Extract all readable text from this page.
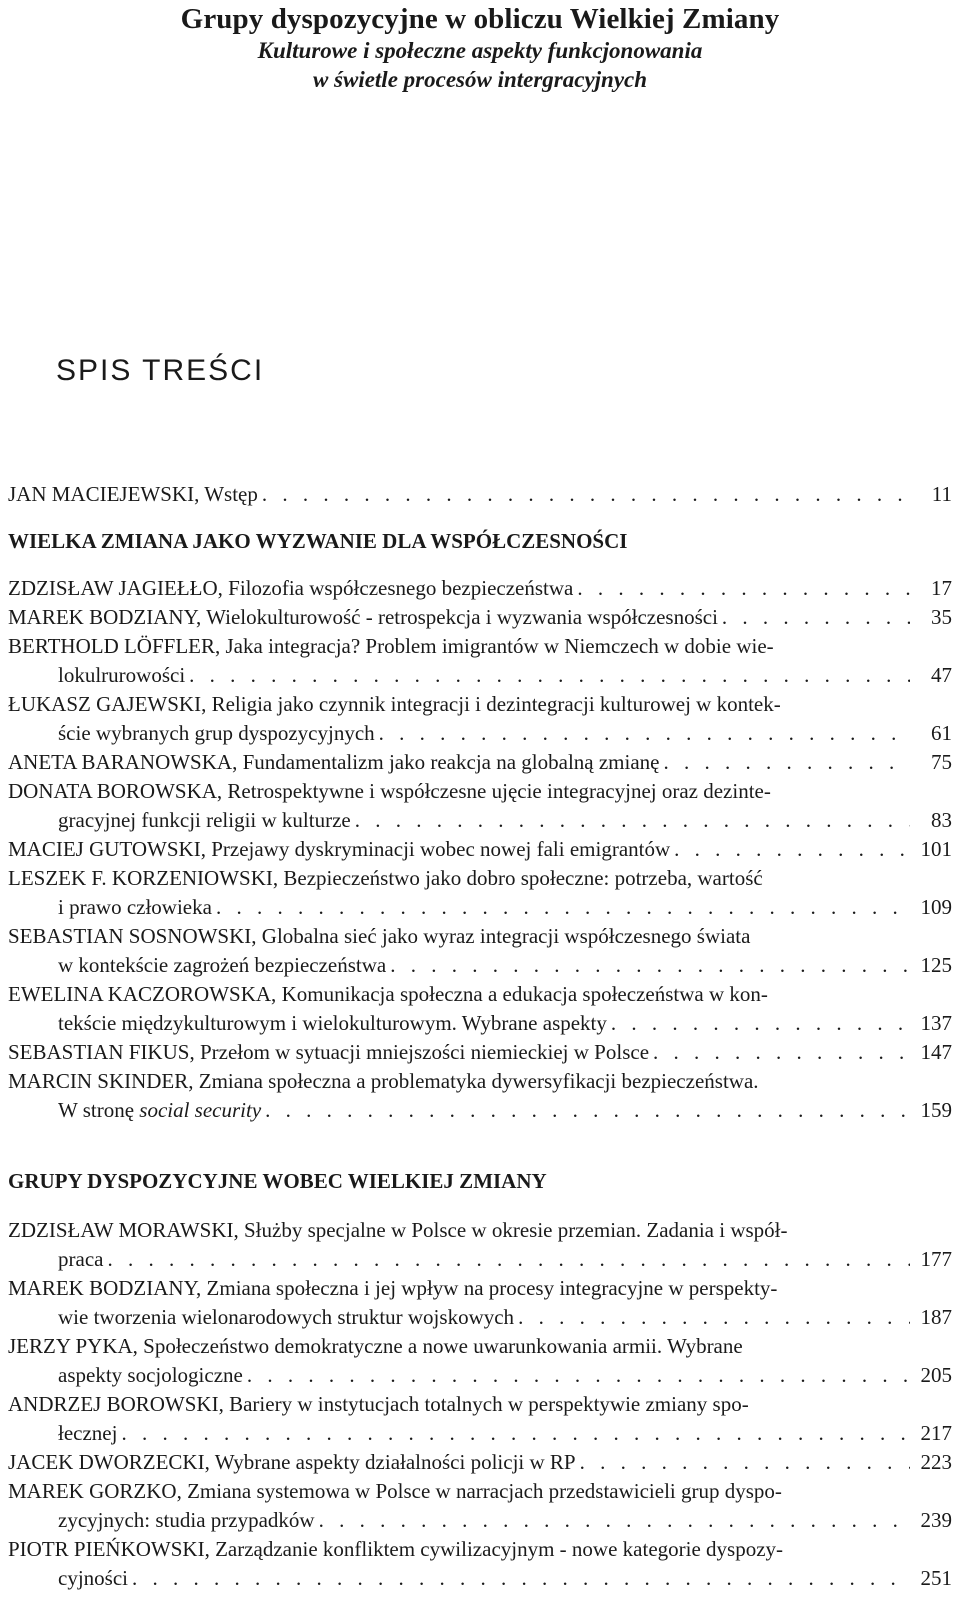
Grupy dyspozycyjne w obliczu Wielkiej Zmiany

Kulturowe i społeczne aspekty funkcjonowania

w świetle procesów intergracyjnych

SPIS TREŚCI
JAN MACIEJEWSKI, Wstęp . . .	11
WIELKA ZMIANA JAKO WYZWANIE DLA WSPÓŁCZESNOŚCI
ZDZISŁAW JAGIEŁŁO, Filozofia współczesnego bezpieczeństwa . . .	17
MAREK BODZIANY, Wielokulturowość - retrospekcja i wyzwania współczesności . . .	35
BERTHOLD LÖFFLER, Jaka integracja? Problem imigrantów w Niemczech w dobie wie-
lokulrurowości . . .	47
ŁUKASZ GAJEWSKI, Religia jako czynnik integracji i dezintegracji kulturowej w kontek-
ście wybranych grup dyspozycyjnych . . .	61
ANETA BARANOWSKA, Fundamentalizm jako reakcja na globalną zmianę . . .	75
DONATA BOROWSKA, Retrospektywne i współczesne ujęcie integracyjnej oraz dezinte-
gracyjnej funkcji religii w kulturze . . .	83
MACIEJ GUTOWSKI, Przejawy dyskryminacji wobec nowej fali emigrantów . . .	101
LESZEK F. KORZENIOWSKI, Bezpieczeństwo jako dobro społeczne: potrzeba, wartość
i prawo człowieka . . .	109
SEBASTIAN SOSNOWSKI, Globalna sieć jako wyraz integracji współczesnego świata
w kontekście zagrożeń bezpieczeństwa . . .	125
EWELINA KACZOROWSKA, Komunikacja społeczna a edukacja społeczeństwa w kon-
tekście międzykulturowym i wielokulturowym. Wybrane aspekty . . .	137
SEBASTIAN FIKUS, Przełom w sytuacji mniejszości niemieckiej w Polsce . . .	147
MARCIN SKINDER, Zmiana społeczna a problematyka dywersyfikacji bezpieczeństwa.
W stronę social security . . .	159
GRUPY DYSPOZYCYJNE WOBEC WIELKIEJ ZMIANY
ZDZISŁAW MORAWSKI, Służby specjalne w Polsce w okresie przemian. Zadania i współ-
praca . . .	177
MAREK BODZIANY, Zmiana społeczna i jej wpływ na procesy integracyjne w perspekty-
wie tworzenia wielonarodowych struktur wojskowych . . .	187
JERZY PYKA, Społeczeństwo demokratyczne a nowe uwarunkowania armii. Wybrane
aspekty socjologiczne . . .	205
ANDRZEJ BOROWSKI, Bariery w instytucjach totalnych w perspektywie zmiany spo-
łecznej . . .	217
JACEK DWORZECKI, Wybrane aspekty działalności policji w RP . . .	223
MAREK GORZKO, Zmiana systemowa w Polsce w narracjach przedstawicieli grup dyspo-
zycyjnych: studia przypadków . . .	239
PIOTR PIEŃKOWSKI, Zarządzanie konfliktem cywilizacyjnym - nowe kategorie dyspozy-
cyjności . . .	251
